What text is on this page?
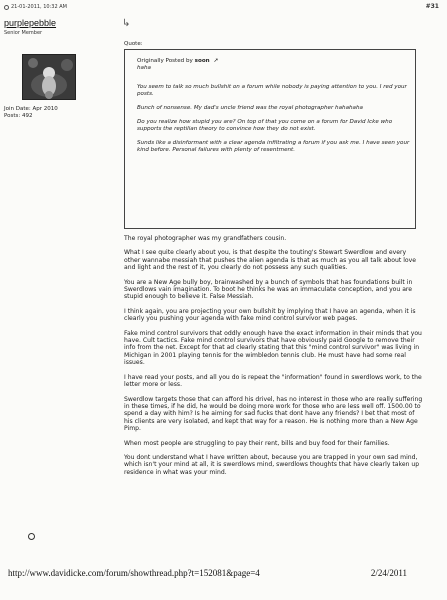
21-01-2011, 10:32 AM	#31
↳
purplepebble
Senior Member
Join Date: Apr 2010
Posts: 492
Quote:
Originally Posted by soon ➚

haha

You seem to talk so much bullshit on a forum while nobody is paying attention to you. I red your posts.

Bunch of nonsense. My dad's uncle friend was the royal photographer hahahaha

Do you realize how stupid you are? On top of that you come on a forum for David Icke who supports the reptilian theory to convince how they do not exist.

Sunds like a disinformant with a clear agenda infiltrating a forum if you ask me. I have seen your kind before. Personal failures with plenty of resentment.

The royal photographer was my grandfathers cousin.

What I see quite clearly about you, is that despite the touting's Stewart Swerdlow and every other wannabe messiah that pushes the alien agenda is that as much as you all talk about love and light and the rest of it, you clearly do not possess any such qualities.

You are a New Age bully boy, brainwashed by a bunch of symbols that has foundations built in Swerdlows vain imagination. To boot he thinks he was an immaculate conception, and you are stupid enough to believe it. False Messiah.

I think again, you are projecting your own bullshit by implying that I have an agenda, when it is clearly you pushing your agenda with fake mind control survivor web pages.

Fake mind control survivors that oddly enough have the exact information in their minds that you have. Cult tactics. Fake mind control survivors that have obviously paid Google to remove their info from the net. Except for that ad clearly stating that this "mind control survivor" was living in Michigan in 2001 playing tennis for the wimbledon tennis club. He must have had some real issues.

I have read your posts, and all you do is repeat the "information" found in swerdlows work, to the letter more or less.

Swerdlow targets those that can afford his drivel, has no interest in those who are really suffering in these times, if he did, he would be doing more work for those who are less well off. 1500.00 to spend a day with him? Is he aiming for sad fucks that dont have any friends? I bet that most of his clients are very isolated, and kept that way for a reason. He is nothing more than a New Age Pimp.

When most people are struggling to pay their rent, bills and buy food for their families.

You dont understand what I have written about, because you are trapped in your own sad mind, which isn't your mind at all, it is swerdlows mind, swerdlows thoughts that have clearly taken up residence in what was your mind.

http://www.davidicke.com/forum/showthread.php?t=152081&page=4	2/24/2011
